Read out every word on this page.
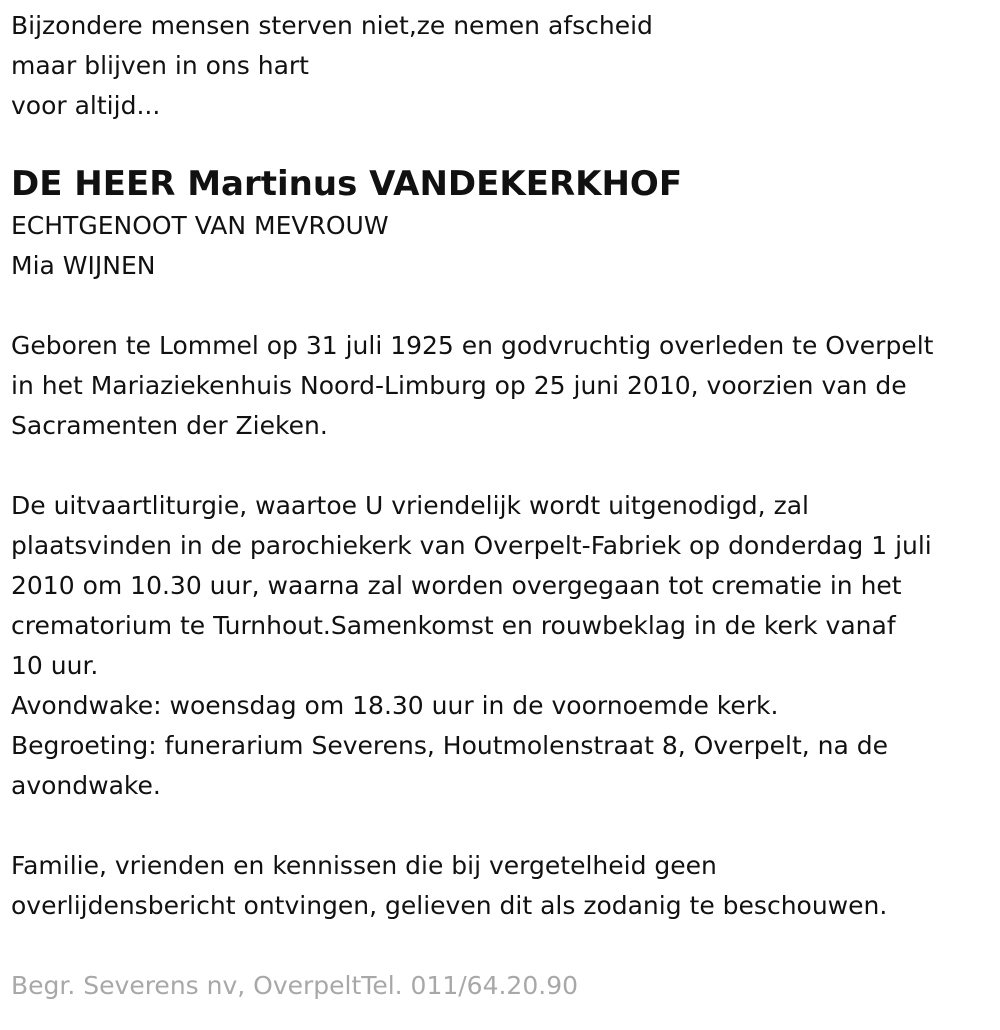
Bijzondere mensen sterven niet,ze nemen afscheid

maar blijven in ons hart

voor altijd...

DE HEER Martinus VANDEKERKHOF

ECHTGENOOT VAN MEVROUW

Mia WIJNEN

Geboren te Lommel op 31 juli 1925 en godvruchtig overleden te Overpelt

in het Mariaziekenhuis Noord-Limburg op 25 juni 2010, voorzien van de

Sacramenten der Zieken.

De uitvaartliturgie, waartoe U vriendelijk wordt uitgenodigd, zal

plaatsvinden in de parochiekerk van Overpelt-Fabriek op donderdag 1 juli

2010 om 10.30 uur, waarna zal worden overgegaan tot crematie in het

crematorium te Turnhout.Samenkomst en rouwbeklag in de kerk vanaf

10 uur.

Avondwake: woensdag om 18.30 uur in de voornoemde kerk.

Begroeting: funerarium Severens, Houtmolenstraat 8, Overpelt, na de

avondwake.

Familie, vrienden en kennissen die bij vergetelheid geen

overlijdensbericht ontvingen, gelieven dit als zodanig te beschouwen.

Begr. Severens nv, OverpeltTel. 011/64.20.90
